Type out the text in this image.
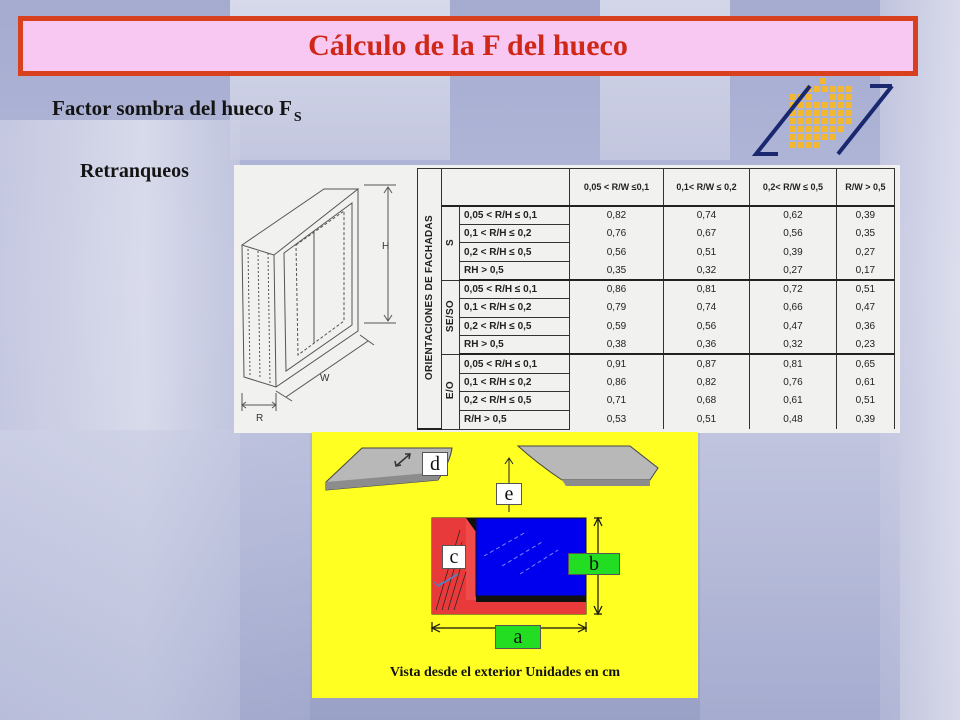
Cálculo de la F del hueco
Factor sombra del hueco F $_S$
Retranqueos
H
W
R
ORIENTACIONES DE FACHADAS			0,05 < R/W ≤0,1	0,1< R/W ≤ 0,2	0,2< R/W ≤ 0,5	R/W > 0,5
	S	0,05 < R/H ≤ 0,1	0,82	0,74	0,62	0,39
		0,1 < R/H ≤ 0,2	0,76	0,67	0,56	0,35
		0,2 < R/H ≤ 0,5	0,56	0,51	0,39	0,27
		RH > 0,5	0,35	0,32	0,27	0,17
	SE/SO	0,05 < R/H ≤ 0,1	0,86	0,81	0,72	0,51
		0,1 < R/H ≤ 0,2	0,79	0,74	0,66	0,47
		0,2 < R/H ≤ 0,5	0,59	0,56	0,47	0,36
		RH > 0,5	0,38	0,36	0,32	0,23
	E/O	0,05 < R/H ≤ 0,1	0,91	0,87	0,81	0,65
		0,1 < R/H ≤ 0,2	0,86	0,82	0,76	0,61
		0,2 < R/H ≤ 0,5	0,71	0,68	0,61	0,51
		R/H > 0,5	0,53	0,51	0,48	0,39
d
e
c	b
a
Vista desde el exterior Unidades en cm
